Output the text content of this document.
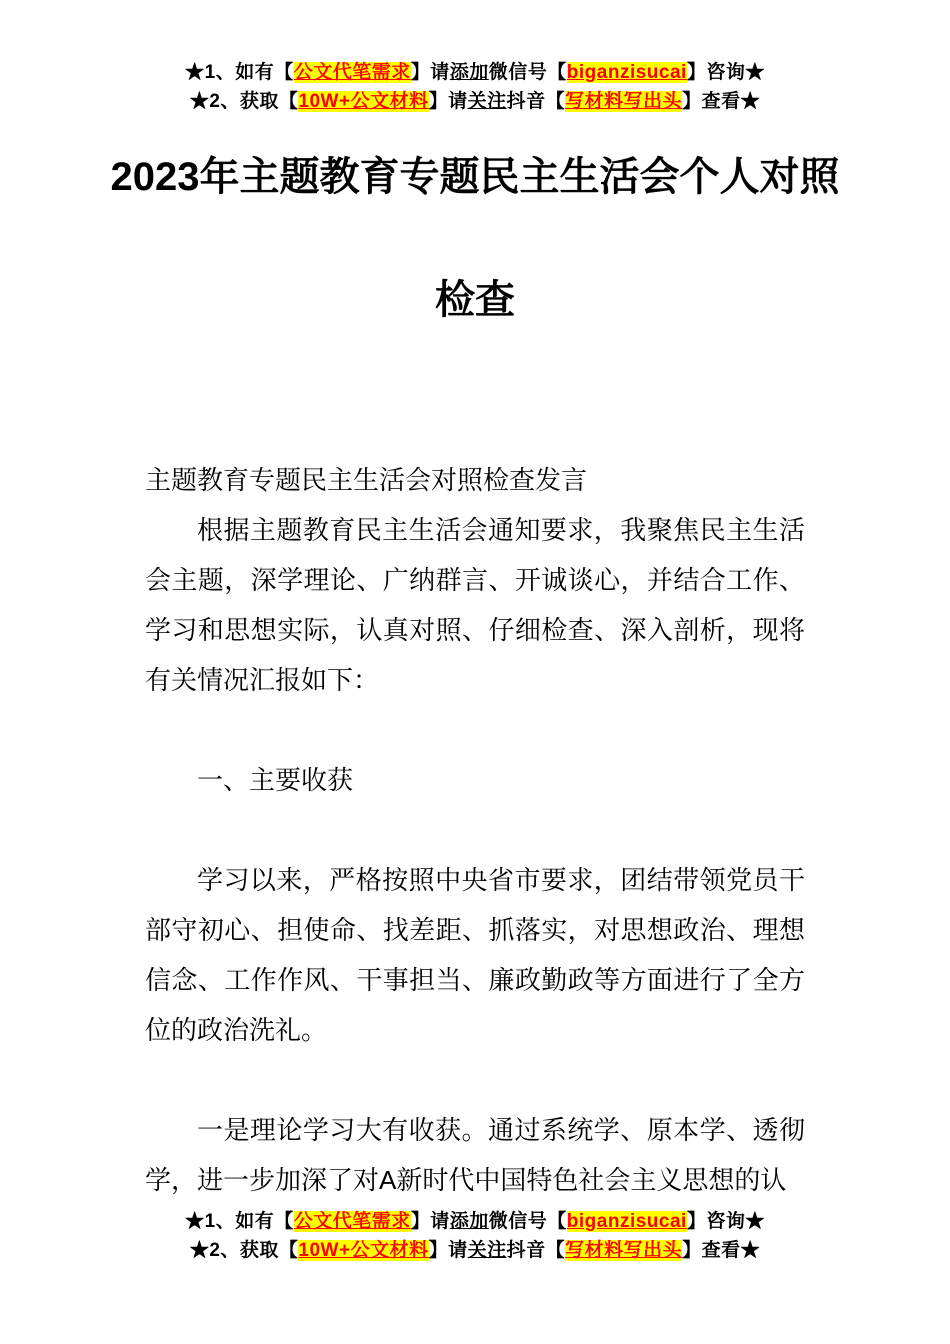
★1、如有【公文代笔需求】请添加微信号【biganzisucai】咨询★
★2、获取【10W+公文材料】请关注抖音【写材料写出头】查看★
2023年主题教育专题民主生活会个人对照
检查

主题教育专题民主生活会对照检查发言

根据主题教育民主生活会通知要求，我聚焦民主生活会主题，深学理论、广纳群言、开诚谈心，并结合工作、学习和思想实际，认真对照、仔细检查、深入剖析，现将有关情况汇报如下：

一、主要收获

学习以来，严格按照中央省市要求，团结带领党员干部守初心、担使命、找差距、抓落实，对思想政治、理想信念、工作作风、干事担当、廉政勤政等方面进行了全方位的政治洗礼。

一是理论学习大有收获。通过系统学、原本学、透彻学，进一步加深了对A新时代中国特色社会主义思想的认

★1、如有【公文代笔需求】请添加微信号【biganzisucai】咨询★
★2、获取【10W+公文材料】请关注抖音【写材料写出头】查看★
